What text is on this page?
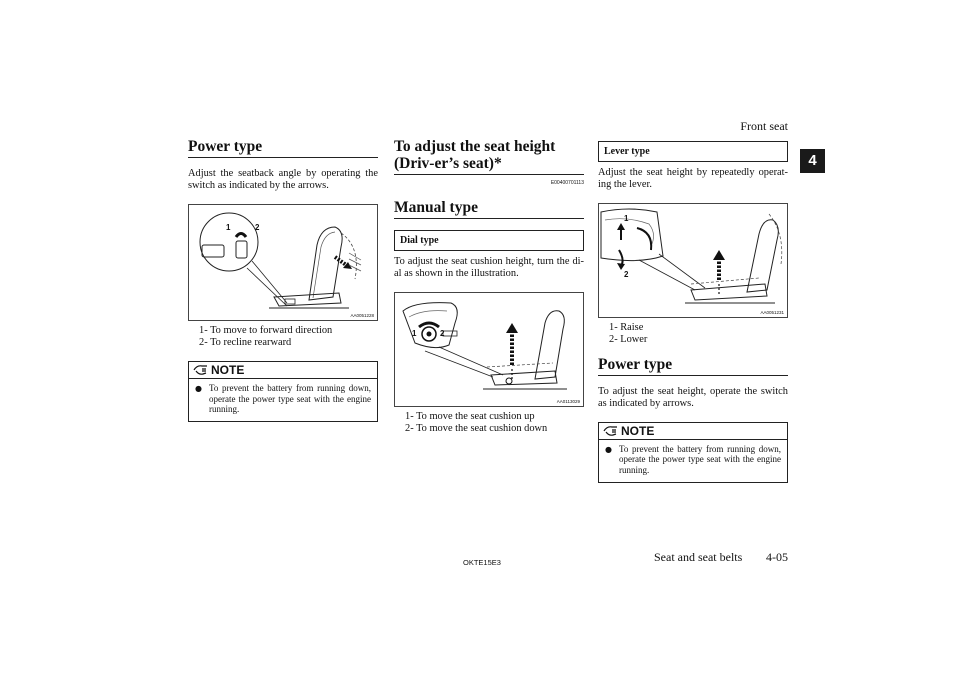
Front seat
4
Power type

Adjust the seatback angle by operating the switch as indicated by the arrows.

1	2
AA0051228
1- To move to forward direction
2- To recline rearward
NOTE
● To prevent the battery from running down, operate the power type seat with the engine running.
To adjust the seat height (Driv-er’s seat)*
E00400701113
Manual type
Dial type

To adjust the seat cushion height, turn the di-al as shown in the illustration.

1	2
AA0113029
1- To move the seat cushion up
2- To move the seat cushion down
Lever type

Adjust the seat height by repeatedly operat-ing the lever.

1
2
AA0051231
1- Raise
2- Lower
Power type

To adjust the seat height, operate the switch as indicated by arrows.

NOTE
● To prevent the battery from running down, operate the power type seat with the engine running.
OKTE15E3	Seat and seat belts 4-05
